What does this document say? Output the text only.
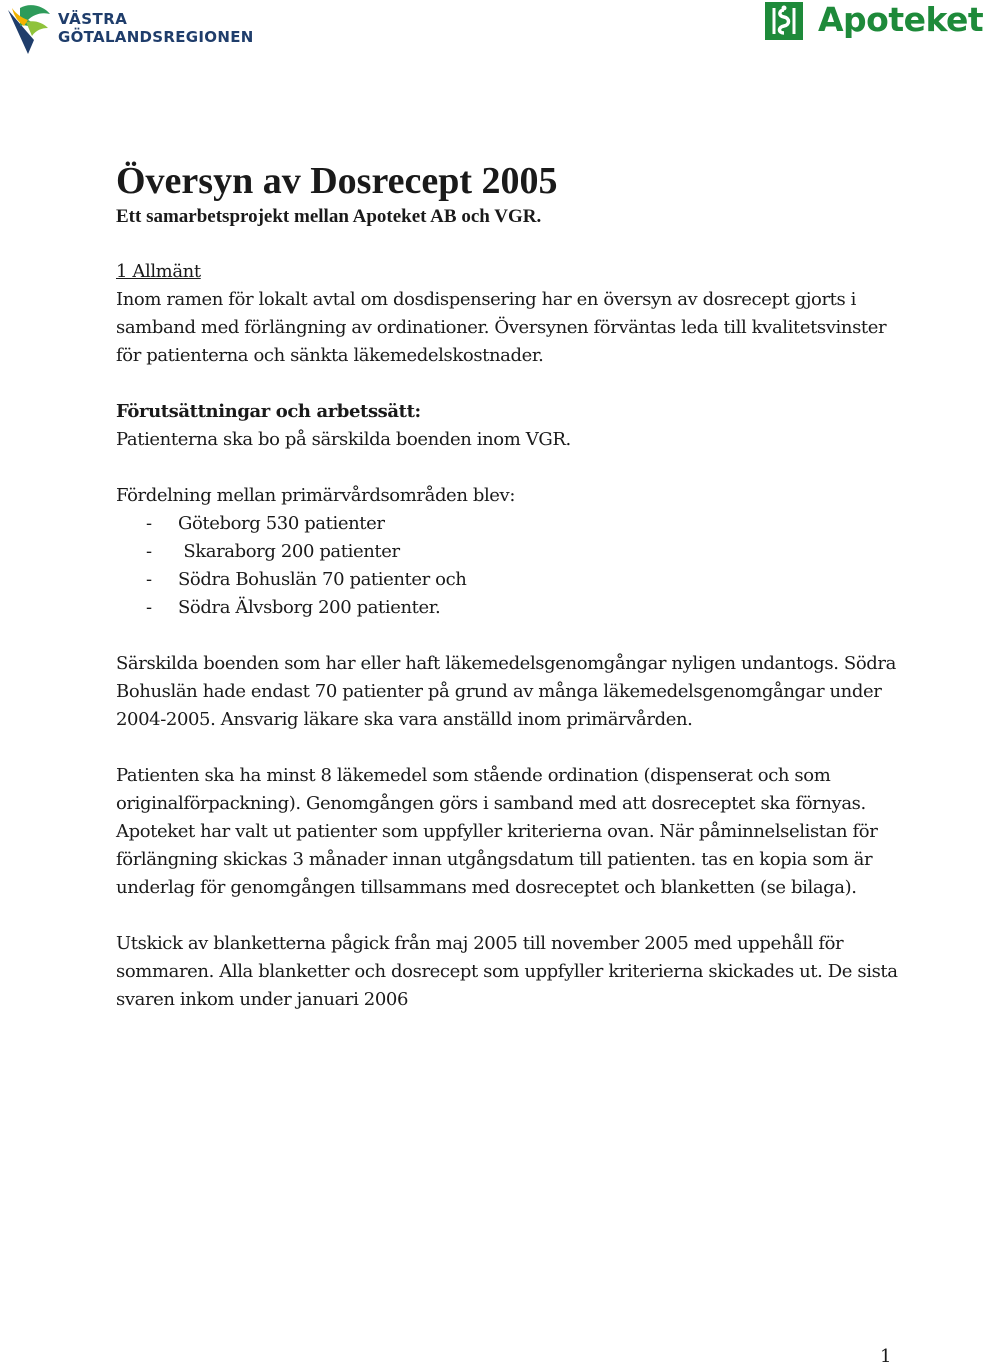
VÄSTRA
GÖTALANDSREGIONEN	Apoteket
Översyn av Dosrecept 2005

Ett samarbetsprojekt mellan Apoteket AB och VGR.

1 Allmänt

Inom ramen för lokalt avtal om dosdispensering har en översyn av dosrecept gjorts i samband med förlängning av ordinationer. Översynen förväntas leda till kvalitetsvinster för patienterna och sänkta läkemedelskostnader.

Förutsättningar och arbetssätt:

Patienterna ska bo på särskilda boenden inom VGR.

Fördelning mellan primärvårdsområden blev:

- Göteborg 530 patienter
- Skaraborg 200 patienter
- Södra Bohuslän 70 patienter och
- Södra Älvsborg 200 patienter.

Särskilda boenden som har eller haft läkemedelsgenomgångar nyligen undantogs. Södra Bohuslän hade endast 70 patienter på grund av många läkemedelsgenomgångar under 2004-2005. Ansvarig läkare ska vara anställd inom primärvården.

Patienten ska ha minst 8 läkemedel som stående ordination (dispenserat och som originalförpackning). Genomgången görs i samband med att dosreceptet ska förnyas. Apoteket har valt ut patienter som uppfyller kriterierna ovan. När påminnelselistan för förlängning skickas 3 månader innan utgångsdatum till patienten. tas en kopia som är underlag för genomgången tillsammans med dosreceptet och blanketten (se bilaga).

Utskick av blanketterna pågick från maj 2005 till november 2005 med uppehåll för sommaren. Alla blanketter och dosrecept som uppfyller kriterierna skickades ut. De sista svaren inkom under januari 2006

1
